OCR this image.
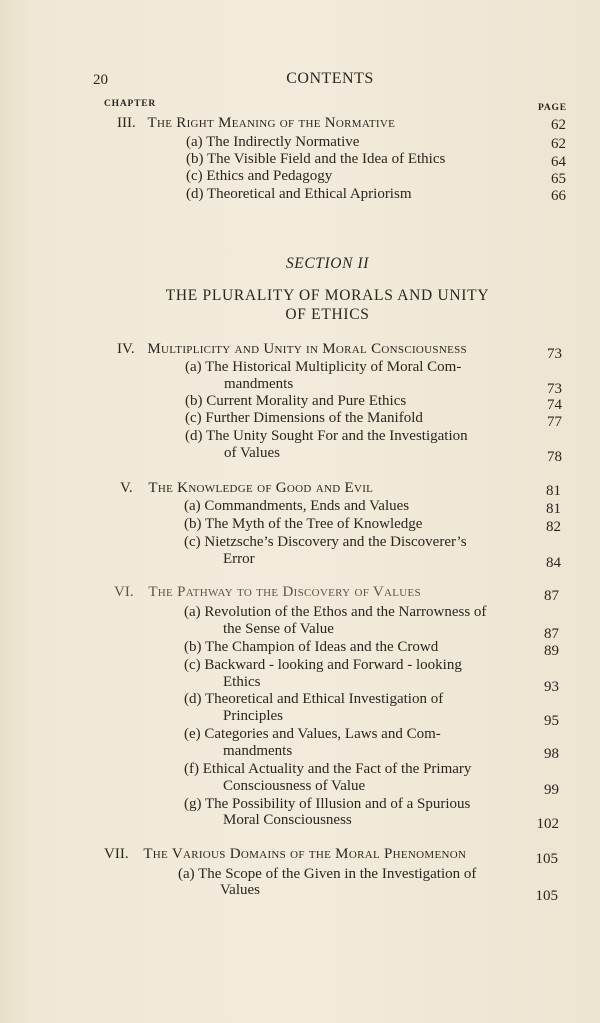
20	CONTENTS
CHAPTER	PAGE
III. The Right Meaning of the Normative	62
(a) The Indirectly Normative	62
(b) The Visible Field and the Idea of Ethics	64
(c) Ethics and Pedagogy	65
(d) Theoretical and Ethical Apriorism	66
SECTION II
THE PLURALITY OF MORALS AND UNITY
OF ETHICS
IV. Multiplicity and Unity in Moral Consciousness	73
(a) The Historical Multiplicity of Moral Com-
mandments	73
(b) Current Morality and Pure Ethics	74
(c) Further Dimensions of the Manifold	77
(d) The Unity Sought For and the Investigation
of Values	78
V. The Knowledge of Good and Evil	81
(a) Commandments, Ends and Values	81
(b) The Myth of the Tree of Knowledge	82
(c) Nietzsche’s Discovery and the Discoverer’s
Error	84
VI. The Pathway to the Discovery of Values	87
(a) Revolution of the Ethos and the Narrowness of
the Sense of Value	87
(b) The Champion of Ideas and the Crowd	89
(c) Backward - looking and Forward - looking
Ethics	93
(d) Theoretical and Ethical Investigation of
Principles	95
(e) Categories and Values, Laws and Com-
mandments	98
(f) Ethical Actuality and the Fact of the Primary
Consciousness of Value	99
(g) The Possibility of Illusion and of a Spurious
Moral Consciousness	102
VII. The Various Domains of the Moral Phenomenon	105
(a) The Scope of the Given in the Investigation of
Values	105
